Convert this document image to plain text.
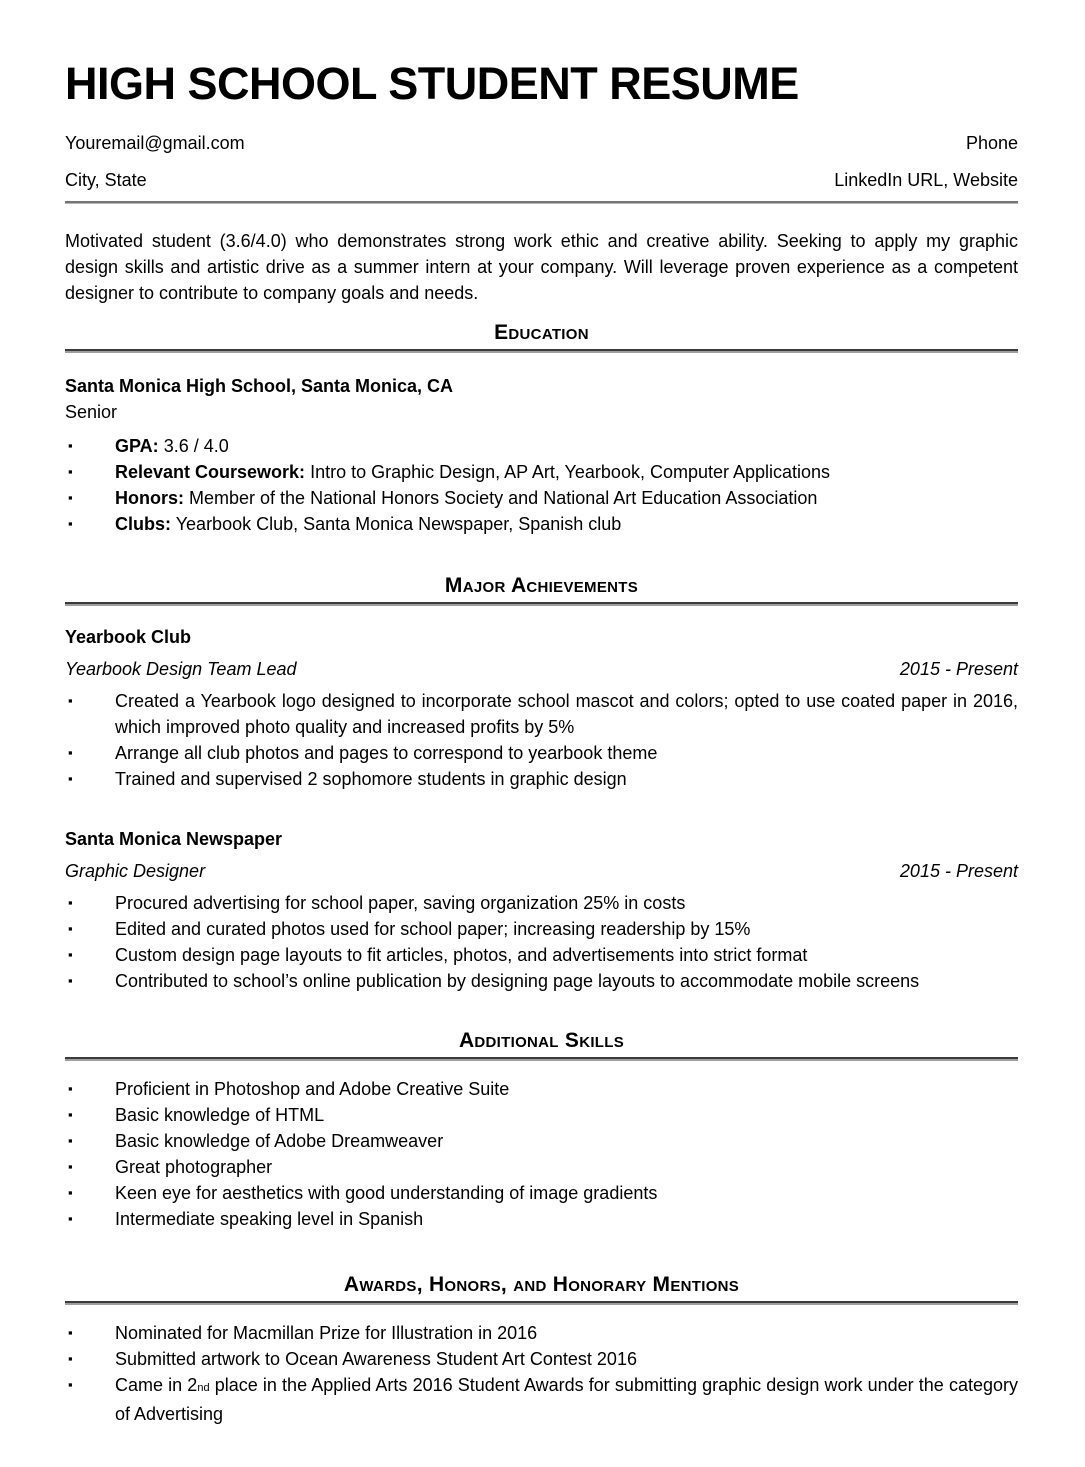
HIGH SCHOOL STUDENT RESUME
Youremail@gmail.com	Phone
City, State	LinkedIn URL, Website

Motivated student (3.6/4.0) who demonstrates strong work ethic and creative ability. Seeking to apply my graphic design skills and artistic drive as a summer intern at your company. Will leverage proven experience as a competent designer to contribute to company goals and needs.

Education
Santa Monica High School, Santa Monica, CA
Senior
▪ GPA: 3.6 / 4.0
▪ Relevant Coursework: Intro to Graphic Design, AP Art, Yearbook, Computer Applications
▪ Honors: Member of the National Honors Society and National Art Education Association
▪ Clubs: Yearbook Club, Santa Monica Newspaper, Spanish club
Major Achievements
Yearbook Club
Yearbook Design Team Lead	2015 - Present
▪ Created a Yearbook logo designed to incorporate school mascot and colors; opted to use coated paper in 2016, which improved photo quality and increased profits by 5%
▪ Arrange all club photos and pages to correspond to yearbook theme
▪ Trained and supervised 2 sophomore students in graphic design
Santa Monica Newspaper
Graphic Designer	2015 - Present
▪ Procured advertising for school paper, saving organization 25% in costs
▪ Edited and curated photos used for school paper; increasing readership by 15%
▪ Custom design page layouts to fit articles, photos, and advertisements into strict format
▪ Contributed to school’s online publication by designing page layouts to accommodate mobile screens
Additional Skills
▪ Proficient in Photoshop and Adobe Creative Suite
▪ Basic knowledge of HTML
▪ Basic knowledge of Adobe Dreamweaver
▪ Great photographer
▪ Keen eye for aesthetics with good understanding of image gradients
▪ Intermediate speaking level in Spanish
Awards, Honors, and Honorary Mentions
▪ Nominated for Macmillan Prize for Illustration in 2016
▪ Submitted artwork to Ocean Awareness Student Art Contest 2016
▪ Came in 2nd place in the Applied Arts 2016 Student Awards for submitting graphic design work under the category of Advertising
